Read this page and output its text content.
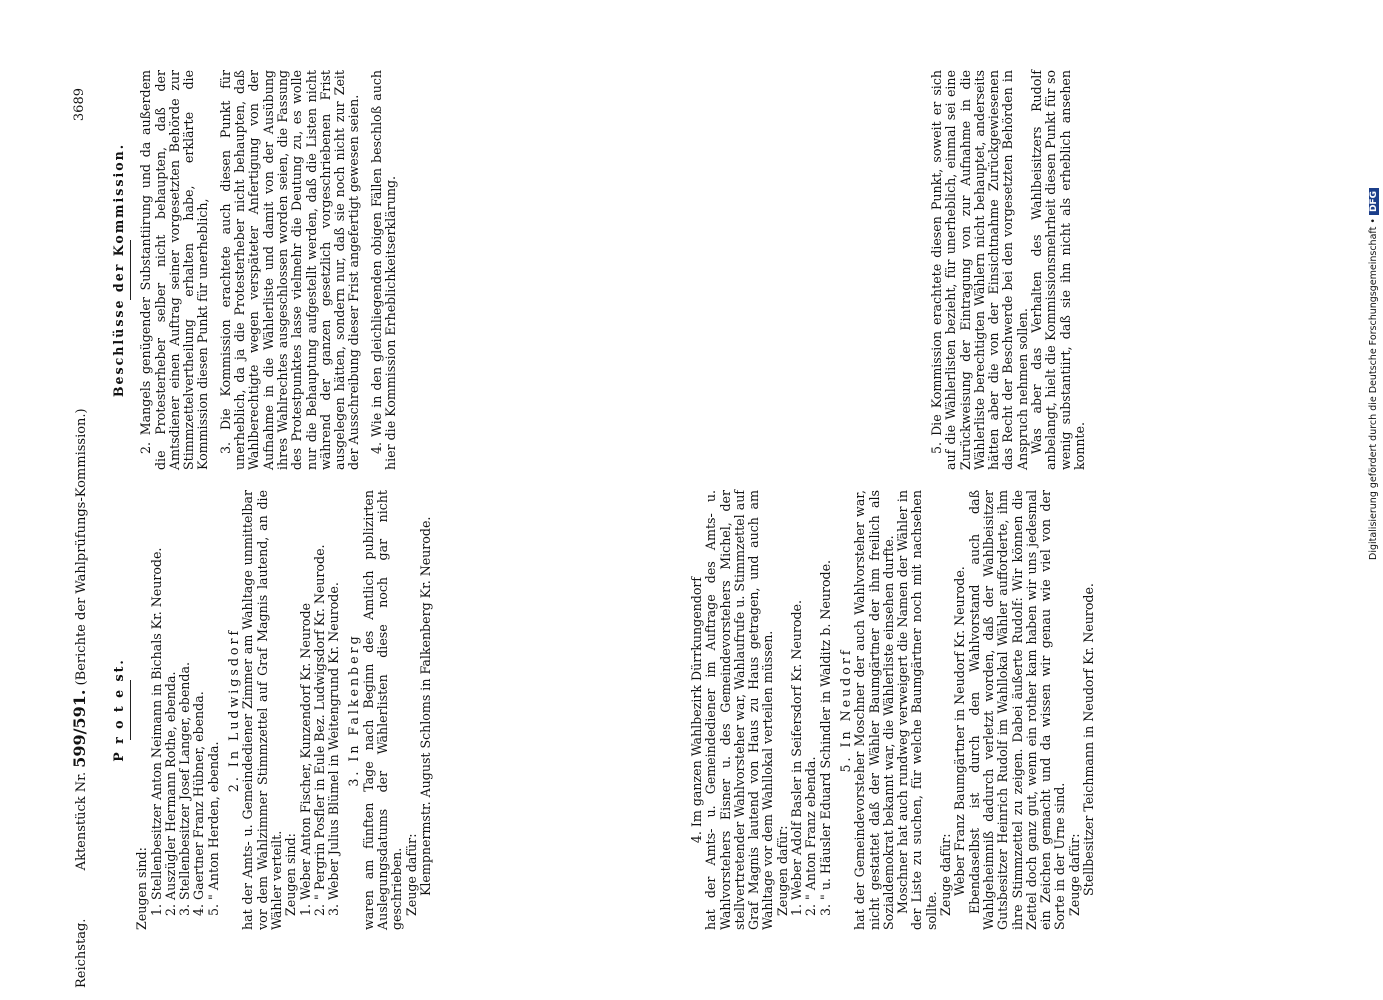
Reichstag.  Aktenstück Nr. 599/591. (Berichte der Wahlprüfungs-Kommission.)
3689

P r o t e st.

Zeugen sind: 1. Stellenbesitzer Anton Neimann in Bichals Kr. Neurode. 2. Auszügler Hermann Rothe, ebenda. 3. Stellenbesitzer Josef Langer, ebenda. 4. Gaertner Franz Hübner, ebenda. 5. " Anton Herden, ebenda.

2. In Ludwigsdorf hat der Amts- u. Gemeindediener Zimmer am Wahltage unmittelbar vor dem Wahlzimmer Stimmzettel auf Graf Magnis lautend, an die Wähler verteilt. Zeugen sind: 1. Weber Anton Fischer, Kunzendorf Kr. Neurode 2. " Pergrin Posfler in Eule Bez. Ludwigsdorf Kr. Neurode. 3. Weber Julius Blümel in Weitengrund Kr. Neurode. 3. In Falkenberg waren am fünften Tage nach Beginn des Amtlich publizirten Auslegungsdatums der Wählerlisten diese noch gar nicht geschrieben. Zeuge dafür: Klempnermstr. August Schloms in Falkenberg Kr. Neurode.	4. Im ganzen Wahlbezirk Dürrkungendorf hat der Amts- u. Gemeindediener im Auftrage des Amts- u. Wahlvorstehers Eisner u. des Gemeindevorstehers Michel, der stellvertretender Wahlvorsteher war, Wahlaufrufe u. Stimmzettel auf Graf Magnis lautend von Haus zu Haus getragen, und auch am Wahltage vor dem Wahllokal verteilen müssen. Zeugen dafür: 1. Weber Adolf Basler in Seifersdorf Kr. Neurode. 2. " Anton Franz ebenda. 3. " u. Häusler Eduard Schindler in Walditz b. Neurode. 5. In Neudorf hat der Gemeindevorsteher Moschner der auch Wahlvorsteher war, nicht gestattet daß der Wähler Baumgärtner der ihm freilich als Sozialdemokrat bekannt war, die Wählerliste einsehen durfte. Moschner hat auch rundweg verweigert die Namen der Wähler in der Liste zu suchen, für welche Baumgärtner noch mit nachsehen sollte. Zeuge dafür: Weber Franz Baumgärtner in Neudorf Kr. Neurode. Ebendaselbst ist durch den Wahlvorstand auch daß Wahlgeheimniß dadurch verletzt worden, daß der Wahlbeisitzer Gutsbesitzer Heinrich Rudolf im Wahllokal Wähler aufforderte, ihm ihre Stimmzettel zu zeigen. Dabei äußerte Rudolf: Wir können die Zettel doch ganz gut, wenn ein rother kam haben wir uns jedesmal ein Zeichen gemacht und da wissen wir genau wie viel von der Sorte in der Urne sind. Zeuge dafür: Stellbesitzer Teichmann in Neudorf Kr. Neurode.

Beschlüsse der Kommission. 2. Mangels genügender Substantiirung und da außerdem die Protesterheber selber nicht behaupten, daß der Amtsdiener einen Auftrag seiner vorgesetzten Behörde zur Stimmzettelvertheilung erhalten habe, erklärte die Kommission diesen Punkt für unerheblich, 3. Die Kommission erachtete auch diesen Punkt für unerheblich, da ja die Protesterheber nicht behaupten, daß Wahlberechtigte wegen verspäteter Anfertigung von der Aufnahme in die Wählerliste und damit von der Ausübung ihres Wahlrechtes ausgeschlossen worden seien, die Fassung des Protestpunktes lasse vielmehr die Deutung zu, es wolle nur die Behauptung aufgestellt werden, daß die Listen nicht während der ganzen gesetzlich vorgeschriebenen Frist ausgelegen hätten, sondern nur, daß sie noch nicht zur Zeit der Ausschreibung dieser Frist angefertigt gewesen seien. 4. Wie in den gleichliegenden obigen Fällen beschloß auch hier die Kommission Erheblichkeitserklärung.	5. Die Kommission erachtete diesen Punkt, soweit er sich auf die Wählerlisten bezieht, für unerheblich, einmal sei eine Zurückweisung der Eintragung von zur Aufnahme in die Wählerliste berechtigten Wählern nicht behauptet, anderseits hätten aber die von der Einsichtnahme Zurückgewiesenen das Recht der Beschwerde bei den vorgesetzten Behörden in Anspruch nehmen sollen. Was aber das Verhalten des Wahlbeisitzers Rudolf anbelangt, hielt die Kommissionsmehrheit diesen Punkt für so wenig substantiirt, daß sie ihn nicht als erheblich ansehen konnte.	Digitalisierung gefördert durch die Deutsche Forschungsgemeinschaft • DFG
